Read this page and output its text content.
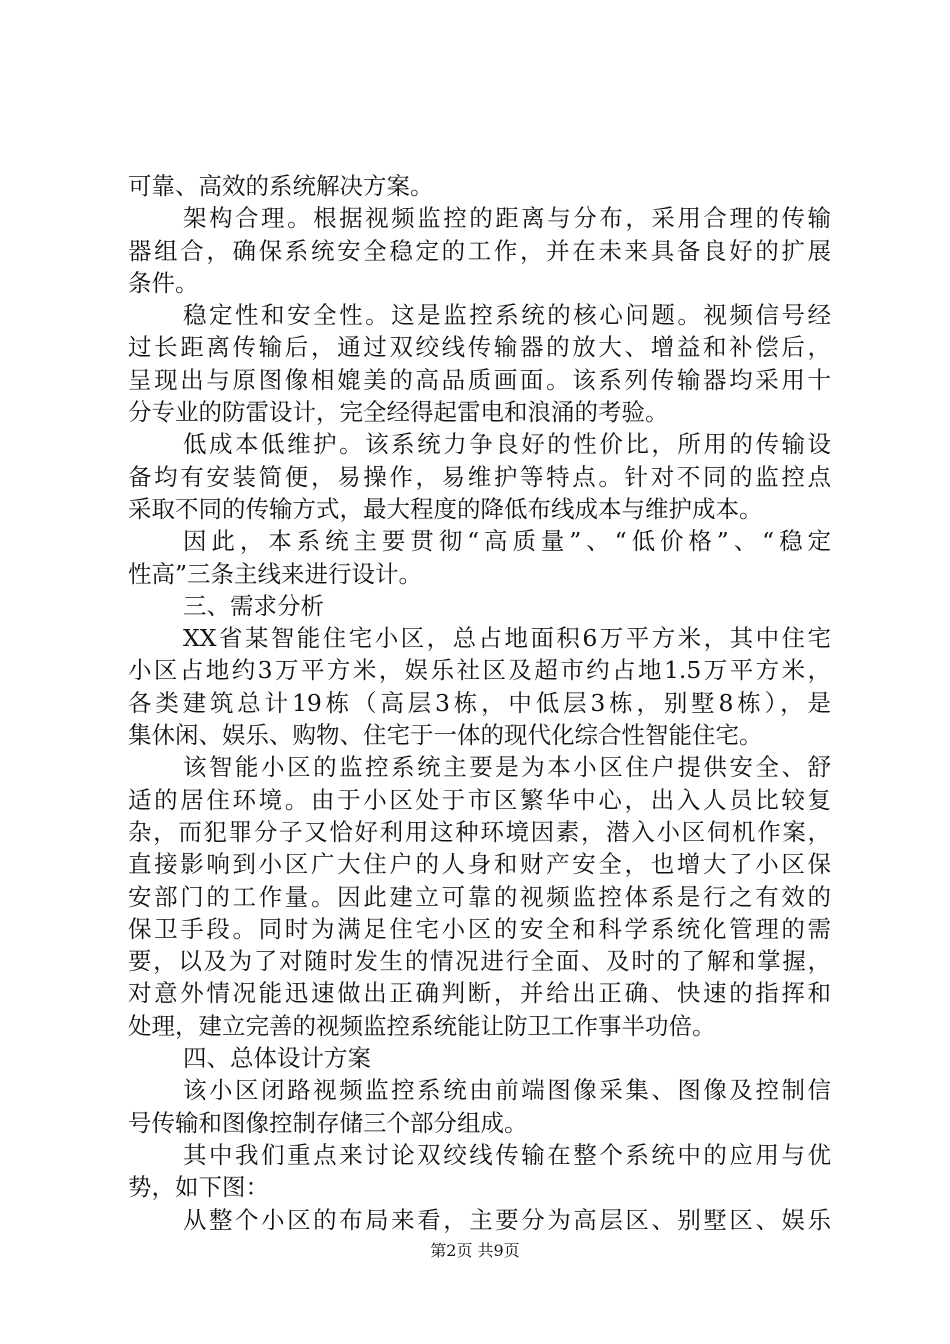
可靠、高效的系统解决方案。
架构合理。根据视频监控的距离与分布，采用合理的传输
器组合，确保系统安全稳定的工作，并在未来具备良好的扩展
条件。
稳定性和安全性。这是监控系统的核心问题。视频信号经
过长距离传输后，通过双绞线传输器的放大、增益和补偿后，
呈现出与原图像相媲美的高品质画面。该系列传输器均采用十
分专业的防雷设计，完全经得起雷电和浪涌的考验。
低成本低维护。该系统力争良好的性价比，所用的传输设
备均有安装简便，易操作，易维护等特点。针对不同的监控点
采取不同的传输方式，最大程度的降低布线成本与维护成本。
因此，本系统主要贯彻“高质量”、“低价格”、“稳定
性高”三条主线来进行设计。
三、需求分析
XX省某智能住宅小区，总占地面积6万平方米，其中住宅
小区占地约3万平方米，娱乐社区及超市约占地1.5万平方米，
各类建筑总计19栋（高层3栋，中低层3栋，别墅8栋），是
集休闲、娱乐、购物、住宅于一体的现代化综合性智能住宅。
该智能小区的监控系统主要是为本小区住户提供安全、舒
适的居住环境。由于小区处于市区繁华中心，出入人员比较复
杂，而犯罪分子又恰好利用这种环境因素，潜入小区伺机作案，
直接影响到小区广大住户的人身和财产安全，也增大了小区保
安部门的工作量。因此建立可靠的视频监控体系是行之有效的
保卫手段。同时为满足住宅小区的安全和科学系统化管理的需
要，以及为了对随时发生的情况进行全面、及时的了解和掌握，
对意外情况能迅速做出正确判断，并给出正确、快速的指挥和
处理，建立完善的视频监控系统能让防卫工作事半功倍。
四、总体设计方案
该小区闭路视频监控系统由前端图像采集、图像及控制信
号传输和图像控制存储三个部分组成。
其中我们重点来讨论双绞线传输在整个系统中的应用与优
势，如下图：
从整个小区的布局来看，主要分为高层区、别墅区、娱乐
第2页 共9页
